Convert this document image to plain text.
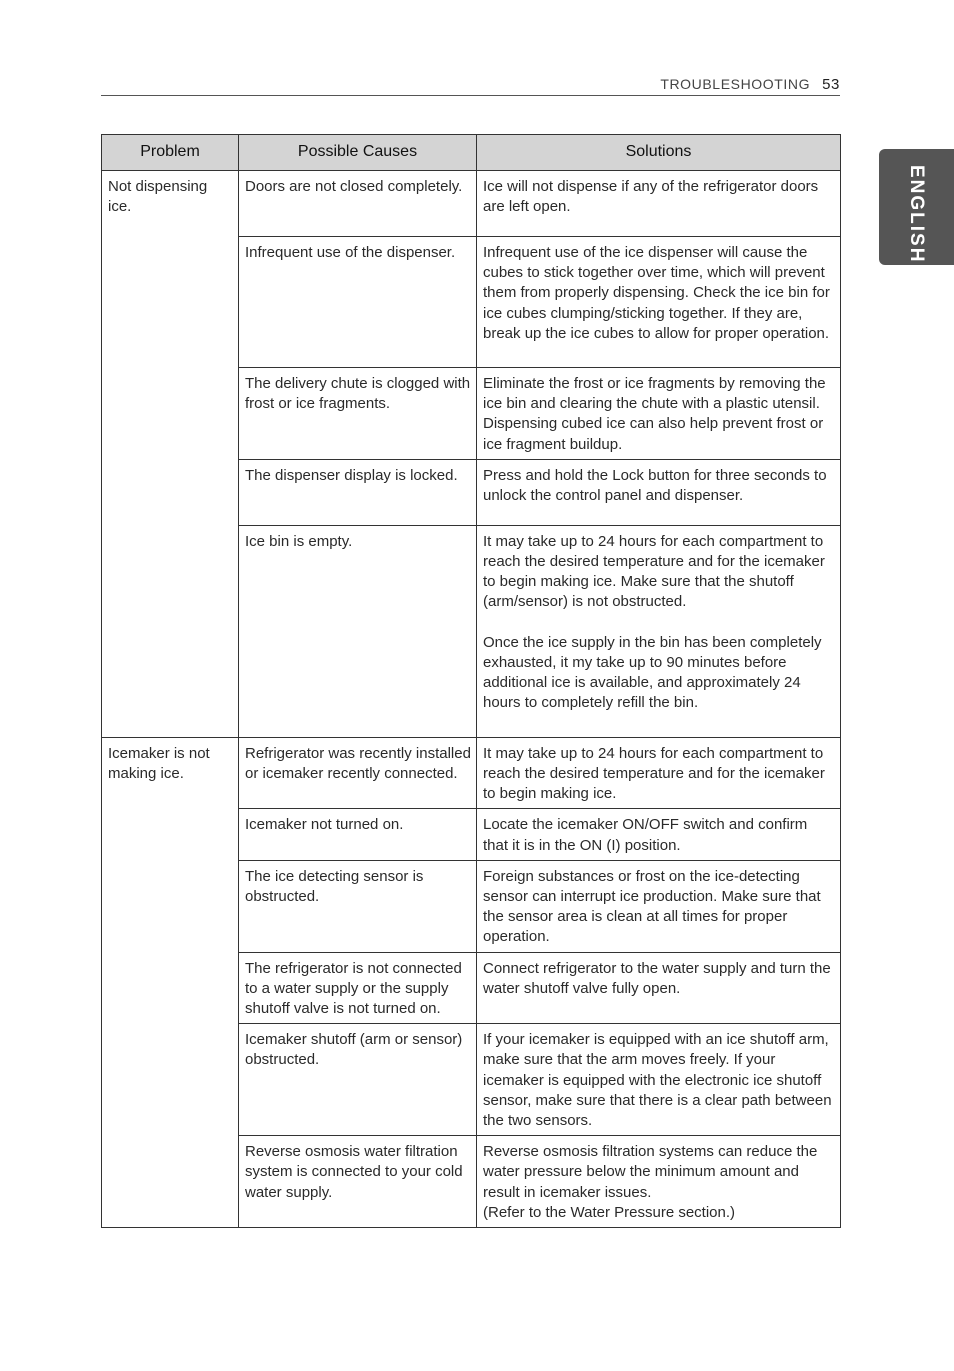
TROUBLESHOOTING 53
ENGLISH
Problem	Possible Causes	Solutions
Not dispensing ice.	Doors are not closed completely.	Ice will not dispense if any of the refrigerator doors are left open.
	Infrequent use of the dispenser.	Infrequent use of the ice dispenser will cause the cubes to stick together over time, which will prevent them from properly dispensing. Check the ice bin for ice cubes clumping/sticking together. If they are, break up the ice cubes to allow for proper operation.
	The delivery chute is clogged with frost or ice fragments.	Eliminate the frost or ice fragments by removing the ice bin and clearing the chute with a plastic utensil. Dispensing cubed ice can also help prevent frost or ice fragment buildup.
	The dispenser display is locked.	Press and hold the Lock button for three seconds to unlock the control panel and dispenser.
	Ice bin is empty.	It may take up to 24 hours for each compartment to reach the desired temperature and for the icemaker to begin making ice. Make sure that the shutoff (arm/sensor) is not obstructed.

Once the ice supply in the bin has been completely exhausted, it my take up to 90 minutes before additional ice is available, and approximately 24 hours to completely refill the bin.
Icemaker is not making ice.	Refrigerator was recently installed or icemaker recently connected.	It may take up to 24 hours for each compartment to reach the desired temperature and for the icemaker to begin making ice.
	Icemaker not turned on.	Locate the icemaker ON/OFF switch and confirm that it is in the ON (I) position.
	The ice detecting sensor is obstructed.	Foreign substances or frost on the ice-detecting sensor can interrupt ice production. Make sure that the sensor area is clean at all times for proper operation.
	The refrigerator is not connected to a water supply or the supply shutoff valve is not turned on.	Connect refrigerator to the water supply and turn the water shutoff valve fully open.
	Icemaker shutoff (arm or sensor) obstructed.	If your icemaker is equipped with an ice shutoff arm, make sure that the arm moves freely. If your icemaker is equipped with the electronic ice shutoff sensor, make sure that there is a clear path between the two sensors.
	Reverse osmosis water filtration system is connected to your cold water supply.	Reverse osmosis filtration systems can reduce the water pressure below the minimum amount and result in icemaker issues.
(Refer to the Water Pressure section.)
